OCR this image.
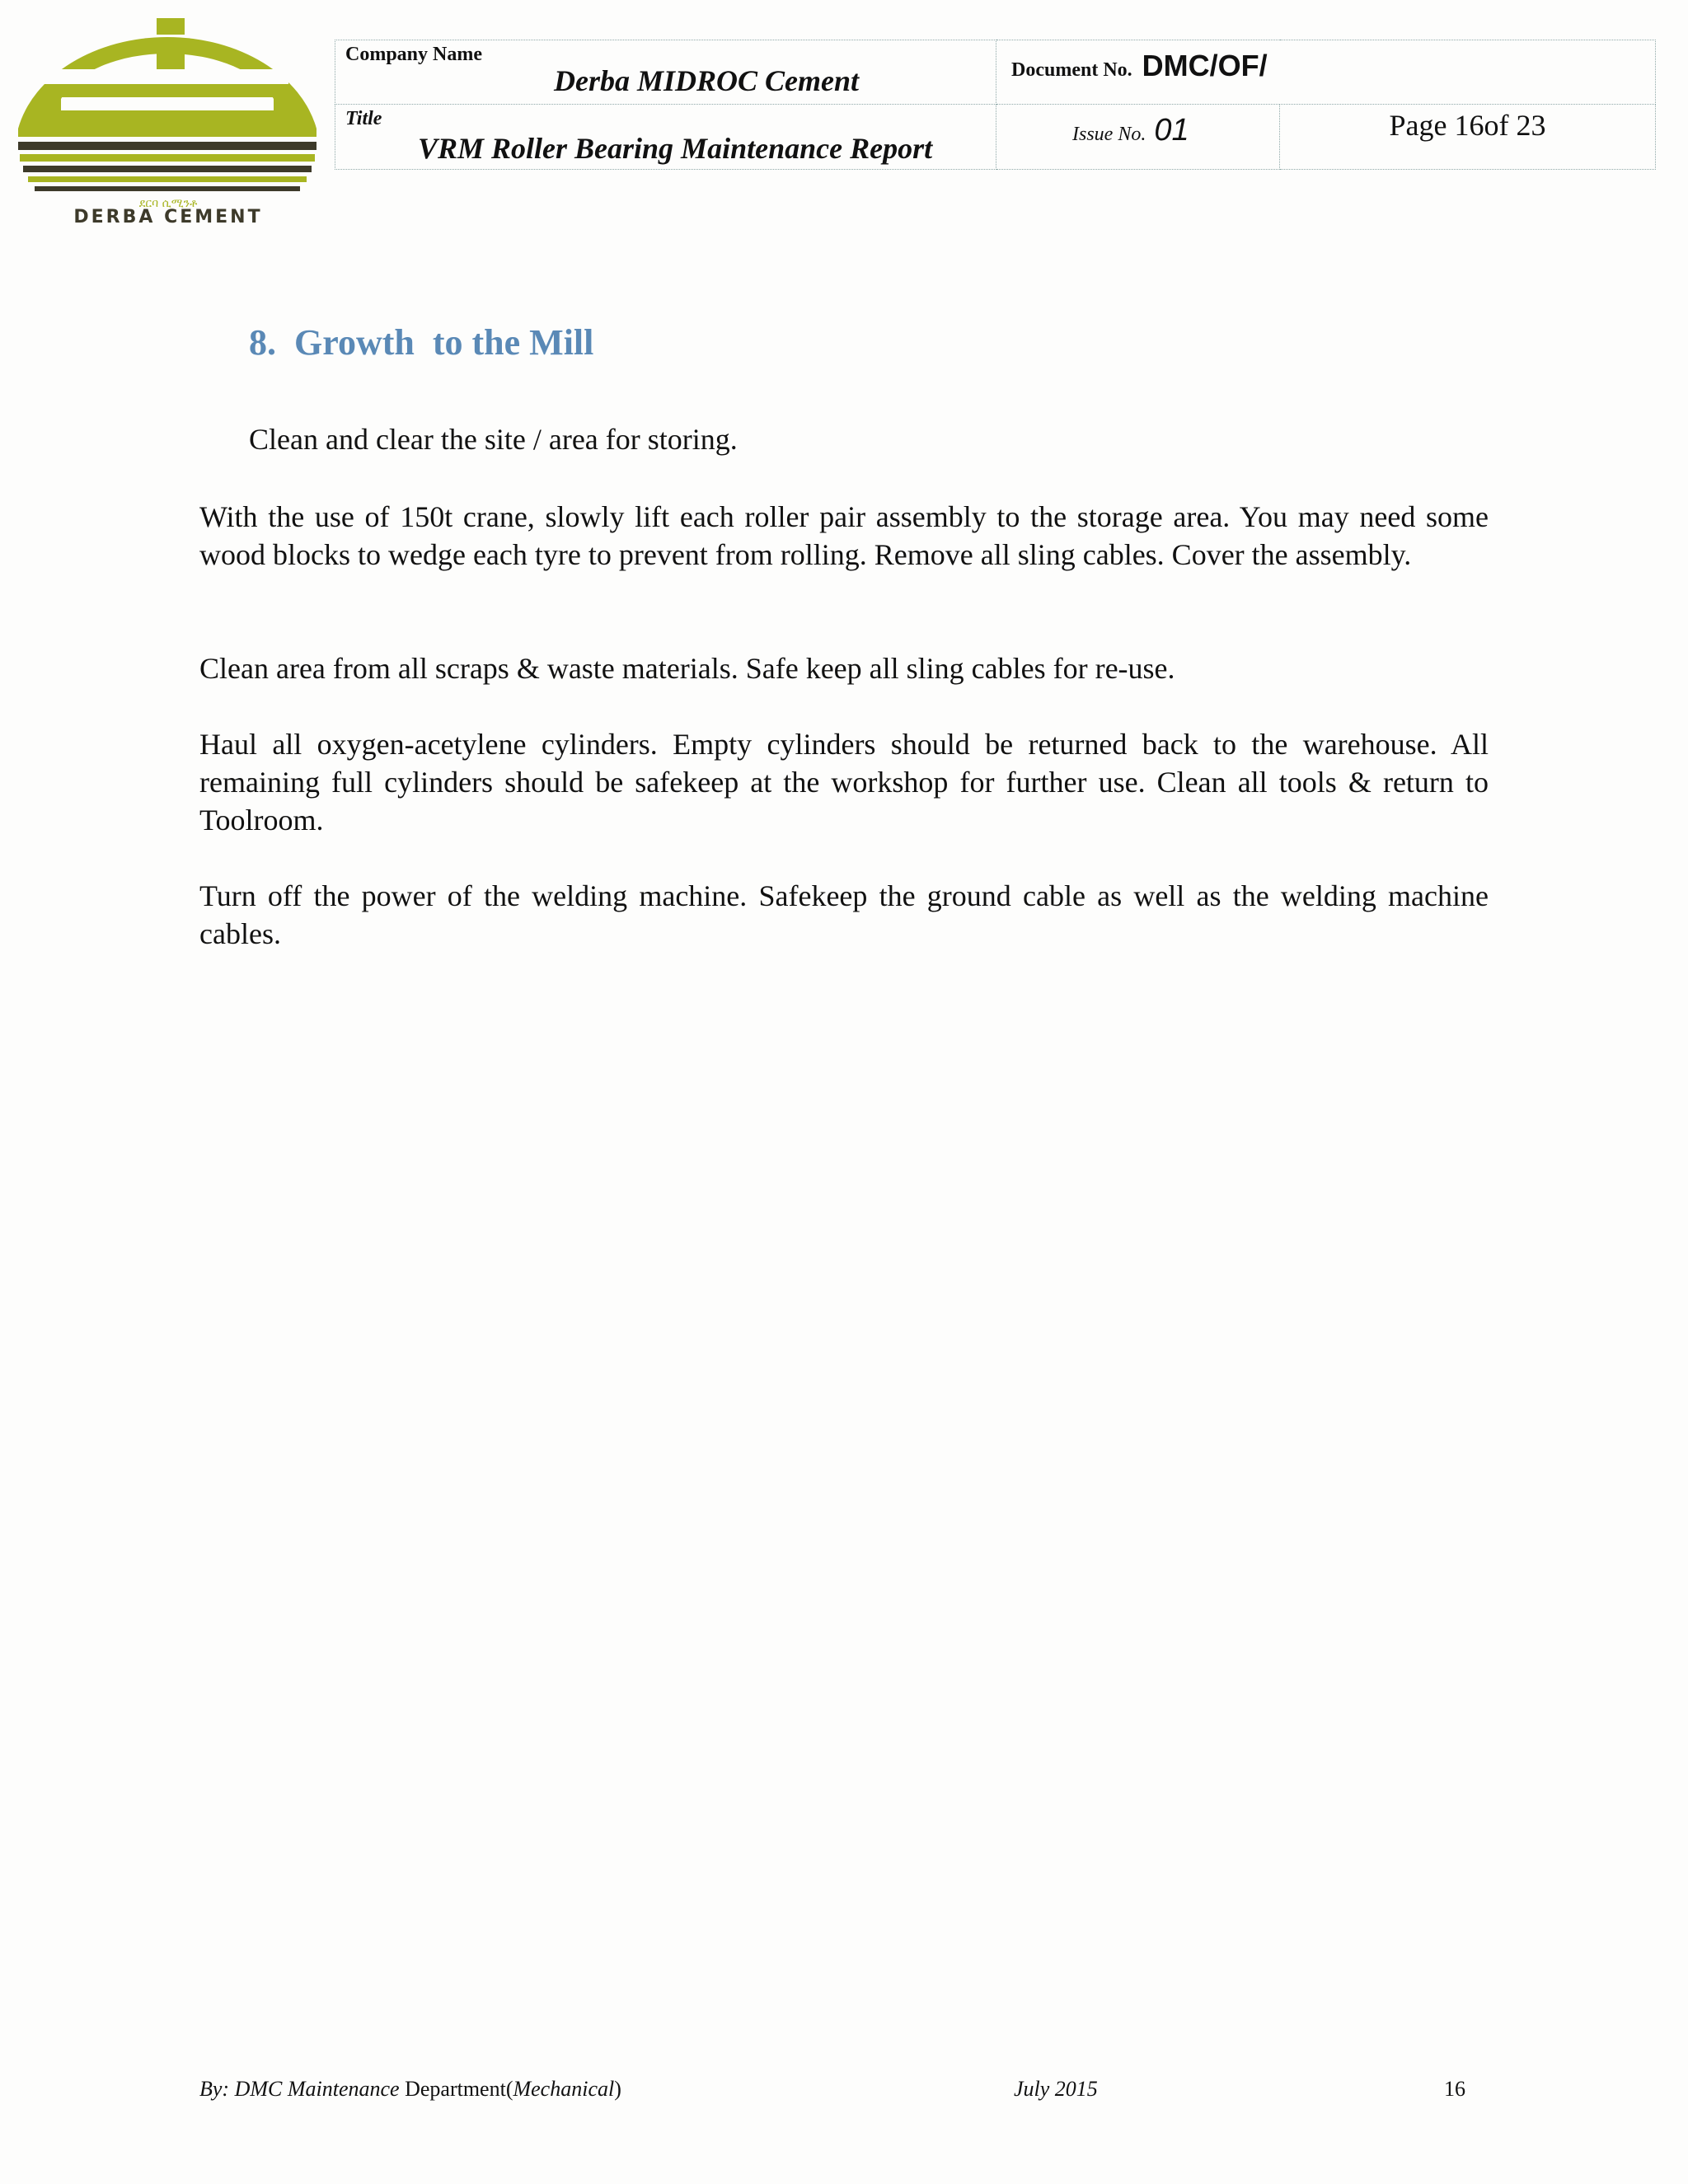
ደርባ ሲሚንቶ
DERBA CEMENT
Company Name
Derba MIDROC Cement	Document No. DMC/OF/	

Title
VRM Roller Bearing Maintenance Report	Issue No. 01	Page 16of 23
8.  Growth  to the Mill
Clean and clear the site / area for storing.

With the use of 150t crane, slowly lift each roller pair assembly to the storage area. You may need some wood blocks to wedge each tyre to prevent from rolling. Remove all sling cables. Cover the assembly.

Clean area from all scraps & waste materials. Safe keep all sling cables for re-use.

Haul all oxygen-acetylene cylinders. Empty cylinders should be returned back to the warehouse. All remaining full cylinders should be safekeep at the workshop for further use. Clean all tools & return to Toolroom.

Turn off the power of the welding machine. Safekeep the ground cable as well as the welding machine cables.

By: DMC Maintenance Department(Mechanical)	July 2015	16
